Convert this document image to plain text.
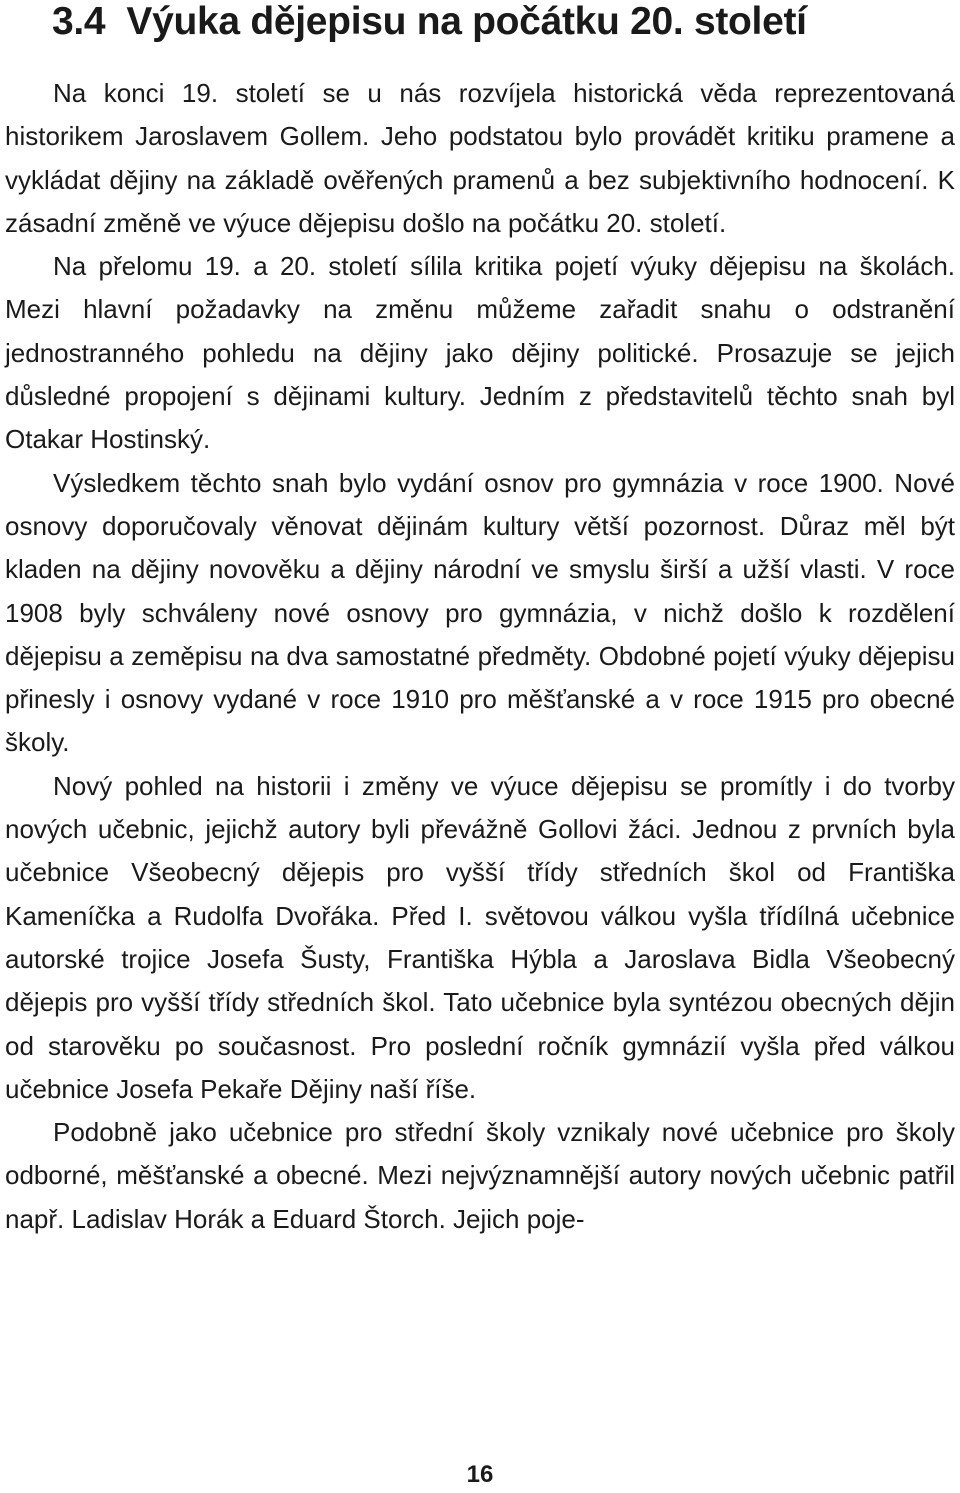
3.4 Výuka dějepisu na počátku 20. století

Na konci 19. století se u nás rozvíjela historická věda reprezentovaná historikem Jaroslavem Gollem. Jeho podstatou bylo provádět kritiku pramene a vykládat dějiny na základě ověřených pramenů a bez subjektivního hodnocení. K zásadní změně ve výuce dějepisu došlo na počátku 20. století.

Na přelomu 19. a 20. století sílila kritika pojetí výuky dějepisu na školách. Mezi hlavní požadavky na změnu můžeme zařadit snahu o odstranění jednostranného pohledu na dějiny jako dějiny politické. Prosazuje se jejich důsledné propojení s dějinami kultury. Jedním z představitelů těchto snah byl Otakar Hostinský.

Výsledkem těchto snah bylo vydání osnov pro gymnázia v roce 1900. Nové osnovy doporučovaly věnovat dějinám kultury větší pozornost. Důraz měl být kladen na dějiny novověku a dějiny národní ve smyslu širší a užší vlasti. V roce 1908 byly schváleny nové osnovy pro gymnázia, v nichž došlo k rozdělení dějepisu a zeměpisu na dva samostatné předměty. Obdobné pojetí výuky dějepisu přinesly i osnovy vydané v roce 1910 pro měšťanské a v roce 1915 pro obecné školy.

Nový pohled na historii i změny ve výuce dějepisu se promítly i do tvorby nových učebnic, jejichž autory byli převážně Gollovi žáci. Jednou z prvních byla učebnice Všeobecný dějepis pro vyšší třídy středních škol od Františka Kameníčka a Rudolfa Dvořáka. Před I. světovou válkou vyšla třídílná učebnice autorské trojice Josefa Šusty, Františka Hýbla a Jaroslava Bidla Všeobecný dějepis pro vyšší třídy středních škol. Tato učebnice byla syntézou obecných dějin od starověku po současnost. Pro poslední ročník gymnázií vyšla před válkou učebnice Josefa Pekaře Dějiny naší říše.

Podobně jako učebnice pro střední školy vznikaly nové učebnice pro školy odborné, měšťanské a obecné. Mezi nejvýznamnější autory nových učebnic patřil např. Ladislav Horák a Eduard Štorch. Jejich poje-

16
